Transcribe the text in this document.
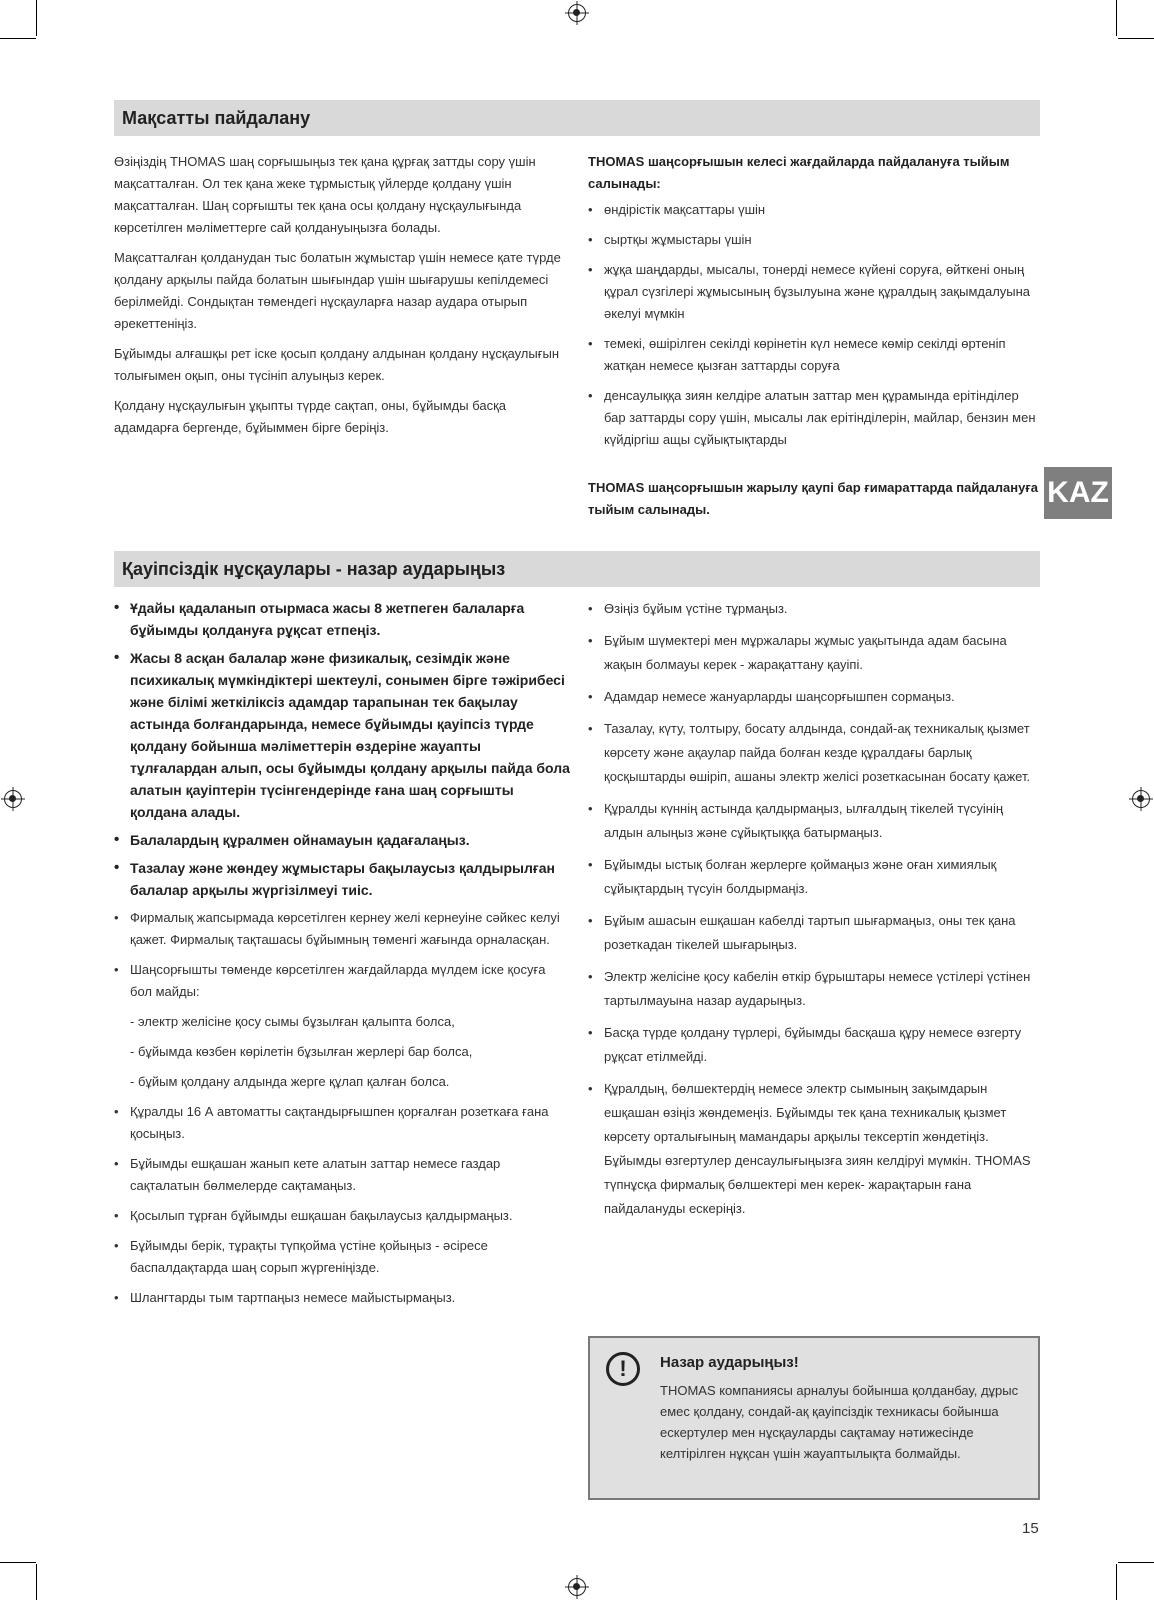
Мақсатты пайдалану

Өзіңіздің THOMAS шаң сорғышыңыз тек қана құрғақ заттды сору үшін мақсатталған. Ол тек қана жеке тұрмыстық үйлерде қолдану үшін мақсатталған. Шаң сорғышты тек қана осы қолдану нұсқаулығында көрсетілген мәліметтерге сай қолдануыңызға болады.

Мақсатталған қолданудан тыс болатын жұмыстар үшін немесе қате түрде қолдану арқылы пайда болатын шығындар үшін шығарушы кепілдемесі берілмейді. Сондықтан төмендегі нұсқауларға назар аудара отырып әрекеттеніңіз.

Бұйымды алғашқы рет іске қосып қолдану алдынан қолдану нұсқаулығын толығымен оқып, оны түсініп алуыңыз керек.

Қолдану нұсқаулығын ұқыпты түрде сақтап, оны, бұйымды басқа адамдарға бергенде, бұйыммен бірге беріңіз.

THOMAS шаңсорғышын келесі жағдайларда пайдалануға тыйым салынады:

• өндірістік мақсаттары үшін
• сыртқы жұмыстары үшін
• жұқа шаңдарды, мысалы, тонерді немесе күйені соруға, өйткені оның құрал сүзгілері жұмысының бұзылуына және құралдың зақымдалуына әкелуі мүмкін
• темекі, өшірілген секілді көрінетін күл немесе көмір секілді өртеніп жатқан немесе қызған заттарды соруға
• денсаулыққа зиян келдіре алатын заттар мен құрамында ерітінділер бар заттарды сору үшін, мысалы лак ерітінділерін, майлар, бензин мен күйдіргіш ащы сұйықтықтарды

THOMAS шаңсорғышын жарылу қаупі бар ғимараттарда пайдалануға тыйым салынады.

KAZ
Қауіпсіздік нұсқаулары - назар аударыңыз
• Ұдайы қадаланып отырмаса жасы 8 жетпеген балаларға бұйымды қолдануға рұқсат етпеңіз.
• Жасы 8 асқан балалар және физикалық, сезімдік және психикалық мүмкіндіктері шектеулі, сонымен бірге тәжірибесі және білімі жеткіліксіз адамдар тарапынан тек бақылау астында болғандарында, немесе бұйымды қауіпсіз түрде қолдану бойынша мәліметтерін өздеріне жауапты тұлғалардан алып, осы бұйымды қолдану арқылы пайда бола алатын қауіптерін түсінгендерінде ғана шаң сорғышты қолдана алады.
• Балалардың құралмен ойнамауын қадағалаңыз.
• Тазалау және жөндеу жұмыстары бақылаусыз қалдырылған балалар арқылы жүргізілмеуі тиіс.
• Фирмалық жапсырмада көрсетілген кернеу желі кернеуіне сәйкес келуі қажет. Фирмалық тақташасы бұйымның төменгі жағында орналасқан.
• Шаңсорғышты төменде көрсетілген жағдайларда мүлдем іске қосуға бол майды:
- электр желісіне қосу сымы бұзылған қалыпта болса,
- бұйымда көзбен көрілетін бұзылған жерлері бар болса,
- бұйым қолдану алдында жерге құлап қалған болса.
• Құралды 16 А автоматты сақтандырғышпен қорғалған розеткаға ғана қосыңыз.
• Бұйымды ешқашан жанып кете алатын заттар немесе газдар сақталатын бөлмелерде сақтамаңыз.
• Қосылып тұрған бұйымды ешқашан бақылаусыз қалдырмаңыз.
• Бұйымды берік, тұрақты түпқойма үстіне қойыңыз - әсіресе баспалдақтарда шаң сорып жүргеніңізде.
• Шлангтарды тым тартпаңыз немесе майыстырмаңыз.
• Өзіңіз бұйым үстіне тұрмаңыз.
• Бұйым шүмектері мен мұржалары жұмыс уақытында адам басына жақын болмауы керек - жарақаттану қауіпі.
• Адамдар немесе жануарларды шаңсорғышпен сормаңыз.
• Тазалау, күту, толтыру, босату алдында, сондай-ақ техникалық қызмет көрсету және ақаулар пайда болған кезде құралдағы барлық қосқыштарды өшіріп, ашаны электр желісі розеткасынан босату қажет.
• Құралды күннің астында қалдырмаңыз, ылғалдың тікелей түсуінің алдын алыңыз және сұйықтыққа батырмаңыз.
• Бұйымды ыстық болған жерлерге қоймаңыз және оған химиялық сұйықтардың түсуін болдырмаңіз.
• Бұйым ашасын ешқашан кабелді тартып шығармаңыз, оны тек қана розеткадан тікелей шығарыңыз.
• Электр желісіне қосу кабелін өткір бұрыштары немесе үстілері үстінен тартылмауына назар аударыңыз.
• Басқа түрде қолдану түрлері, бұйымды басқаша құру немесе өзгерту рұқсат етілмейді.
• Құралдың, бөлшектердің немесе электр сымының зақымдарын ешқашан өзіңіз жөндемеңіз. Бұйымды тек қана техникалық қызмет көрсету орталығының мамандары арқылы тексертіп жөндетіңіз. Бұйымды өзгертулер денсаулығыңызға зиян келдіруі мүмкін. THOMAS түпнұсқа фирмалық бөлшектері мен керек- жарақтарын ғана пайдалануды ескеріңіз.
!	Назар аударыңыз!
THOMAS компаниясы арналуы бойынша қолданбау, дұрыс емес қолдану, сондай-ақ қауіпсіздік техникасы бойынша ескертулер мен нұсқауларды сақтамау нәтижесінде келтірілген нұқсан үшін жауаптылықта болмайды.
15
